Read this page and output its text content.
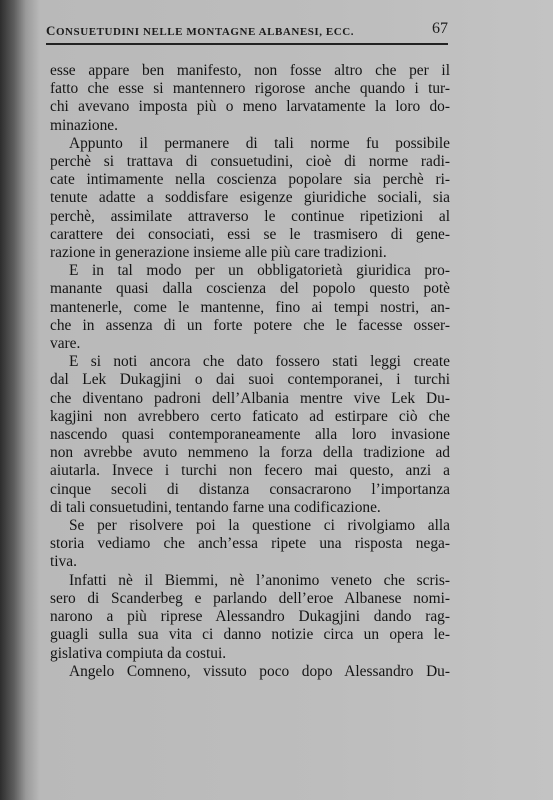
CONSUETUDINI NELLE MONTAGNE ALBANESI, ECC.	67
esse appare ben manifesto, non fosse altro che per il
fatto che esse si mantennero rigorose anche quando i tur-
chi avevano imposta più o meno larvatamente la loro do-
minazione.
Appunto il permanere di tali norme fu possibile
perchè si trattava di consuetudini, cioè di norme radi-
cate intimamente nella coscienza popolare sia perchè ri-
tenute adatte a soddisfare esigenze giuridiche sociali, sia
perchè, assimilate attraverso le continue ripetizioni al
carattere dei consociati, essi se le trasmisero di gene-
razione in generazione insieme alle più care tradizioni.
E in tal modo per un obbligatorietà giuridica pro-
manante quasi dalla coscienza del popolo questo potè
mantenerle, come le mantenne, fino ai tempi nostri, an-
che in assenza di un forte potere che le facesse osser-
vare.
E si noti ancora che dato fossero stati leggi create
dal Lek Dukagjini o dai suoi contemporanei, i turchi
che diventano padroni dell’Albania mentre vive Lek Du-
kagjini non avrebbero certo faticato ad estirpare ciò che
nascendo quasi contemporaneamente alla loro invasione
non avrebbe avuto nemmeno la forza della tradizione ad
aiutarla. Invece i turchi non fecero mai questo, anzi a
cinque secoli di distanza consacrarono l’importanza
di tali consuetudini, tentando farne una codificazione.
Se per risolvere poi la questione ci rivolgiamo alla
storia vediamo che anch’essa ripete una risposta nega-
tiva.
Infatti nè il Biemmi, nè l’anonimo veneto che scris-
sero di Scanderbeg e parlando dell’eroe Albanese nomi-
narono a più riprese Alessandro Dukagjini dando rag-
guagli sulla sua vita ci danno notizie circa un opera le-
gislativa compiuta da costui.
Angelo Comneno, vissuto poco dopo Alessandro Du-
